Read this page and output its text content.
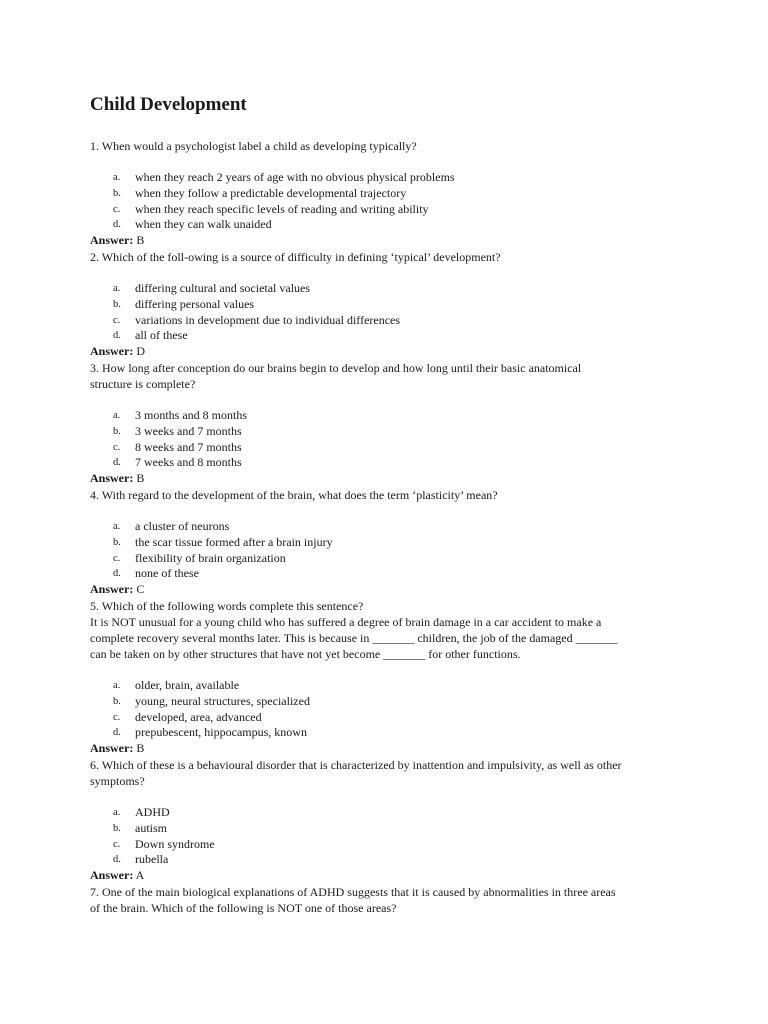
Child Development

1. When would a psychologist label a child as developing typically?

a.	when they reach 2 years of age with no obvious physical problems
b.	when they follow a predictable developmental trajectory
c.	when they reach specific levels of reading and writing ability
d.	when they can walk unaided

Answer: B

2. Which of the foll-owing is a source of difficulty in defining ‘typical’ development?

a.	differing cultural and societal values
b.	differing personal values
c.	variations in development due to individual differences
d.	all of these

Answer: D

3. How long after conception do our brains begin to develop and how long until their basic anatomical

structure is complete?

a.	3 months and 8 months
b.	3 weeks and 7 months
c.	8 weeks and 7 months
d.	7 weeks and 8 months

Answer: B

4. With regard to the development of the brain, what does the term ‘plasticity’ mean?

a.	a cluster of neurons
b.	the scar tissue formed after a brain injury
c.	flexibility of brain organization
d.	none of these

Answer: C

5. Which of the following words complete this sentence?

It is NOT unusual for a young child who has suffered a degree of brain damage in a car accident to make a

complete recovery several months later. This is because in _______ children, the job of the damaged _______

can be taken on by other structures that have not yet become _______ for other functions.

a.	older, brain, available
b.	young, neural structures, specialized
c.	developed, area, advanced
d.	prepubescent, hippocampus, known

Answer: B

6. Which of these is a behavioural disorder that is characterized by inattention and impulsivity, as well as other

symptoms?

a.	ADHD
b.	autism
c.	Down syndrome
d.	rubella

Answer: A

7. One of the main biological explanations of ADHD suggests that it is caused by abnormalities in three areas

of the brain. Which of the following is NOT one of those areas?
